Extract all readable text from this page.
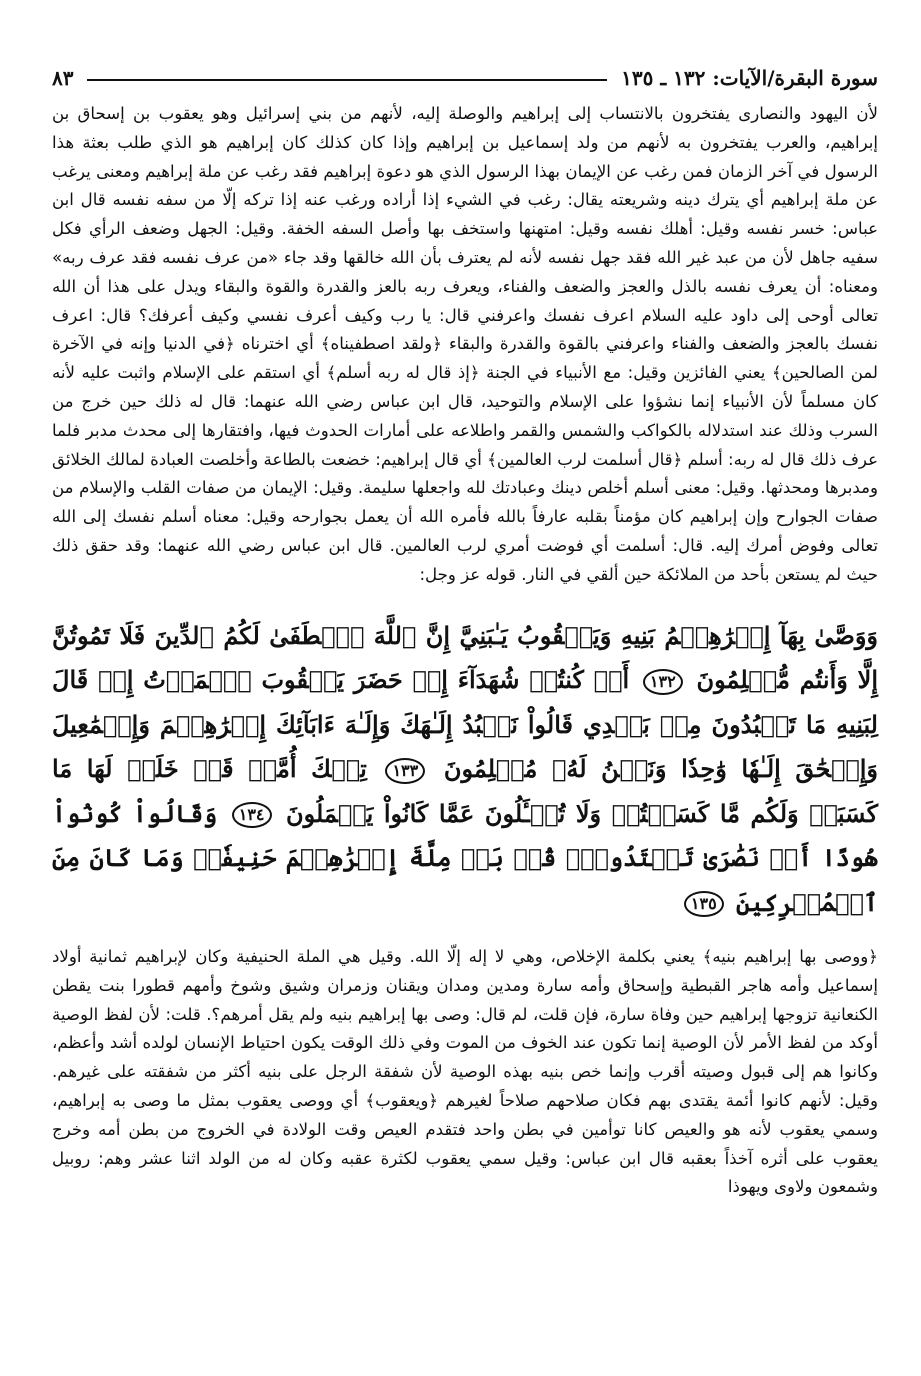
سورة البقرة/الآيات: ١٣٢ ـ ١٣٥
٨٣

لأن اليهود والنصارى يفتخرون بالانتساب إلى إبراهيم والوصلة إليه، لأنهم من بني إسرائيل وهو يعقوب بن إسحاق بن إبراهيم، والعرب يفتخرون به لأنهم من ولد إسماعيل بن إبراهيم وإذا كان كذلك كان إبراهيم هو الذي طلب بعثة هذا الرسول في آخر الزمان فمن رغب عن الإيمان بهذا الرسول الذي هو دعوة إبراهيم فقد رغب عن ملة إبراهيم ومعنى يرغب عن ملة إبراهيم أي يترك دينه وشريعته يقال: رغب في الشيء إذا أراده ورغب عنه إذا تركه إلّا من سفه نفسه قال ابن عباس: خسر نفسه وقيل: أهلك نفسه وقيل: امتهنها واستخف بها وأصل السفه الخفة. وقيل: الجهل وضعف الرأي فكل سفيه جاهل لأن من عبد غير الله فقد جهل نفسه لأنه لم يعترف بأن الله خالقها وقد جاء «من عرف نفسه فقد عرف ربه» ومعناه: أن يعرف نفسه بالذل والعجز والضعف والفناء، ويعرف ربه بالعز والقدرة والقوة والبقاء ويدل على هذا أن الله تعالى أوحى إلى داود عليه السلام اعرف نفسك واعرفني قال: يا رب وكيف أعرف نفسي وكيف أعرفك؟ قال: اعرف نفسك بالعجز والضعف والفناء واعرفني بالقوة والقدرة والبقاء ﴿ولقد اصطفيناه﴾ أي اخترناه ﴿في الدنيا وإنه في الآخرة لمن الصالحين﴾ يعني الفائزين وقيل: مع الأنبياء في الجنة ﴿إذ قال له ربه أسلم﴾ أي استقم على الإسلام واثبت عليه لأنه كان مسلماً لأن الأنبياء إنما نشؤوا على الإسلام والتوحيد، قال ابن عباس رضي الله عنهما: قال له ذلك حين خرج من السرب وذلك عند استدلاله بالكواكب والشمس والقمر واطلاعه على أمارات الحدوث فيها، وافتقارها إلى محدث مدبر فلما عرف ذلك قال له ربه: أسلم ﴿قال أسلمت لرب العالمين﴾ أي قال إبراهيم: خضعت بالطاعة وأخلصت العبادة لمالك الخلائق ومدبرها ومحدثها. وقيل: معنى أسلم أخلص دينك وعبادتك لله واجعلها سليمة. وقيل: الإيمان من صفات القلب والإسلام من صفات الجوارح وإن إبراهيم كان مؤمناً بقلبه عارفاً بالله فأمره الله أن يعمل بجوارحه وقيل: معناه أسلم نفسك إلى الله تعالى وفوض أمرك إليه. قال: أسلمت أي فوضت أمري لرب العالمين. قال ابن عباس رضي الله عنهما: وقد حقق ذلك حيث لم يستعن بأحد من الملائكة حين ألقي في النار. قوله عز وجل:

وَوَصَّىٰ بِهَآ إِبۡرَٰهِـۧمُ بَنِيهِ وَيَعۡقُوبُ يَـٰبَنِيَّ إِنَّ ٱللَّهَ ٱصۡطَفَىٰ لَكُمُ ٱلدِّينَ فَلَا تَمُوتُنَّ إِلَّا وَأَنتُم مُّسۡلِمُونَ ١٣٢ أَمۡ كُنتُمۡ شُهَدَآءَ إِذۡ حَضَرَ يَعۡقُوبَ ٱلۡمَوۡتُ إِذۡ قَالَ لِبَنِيهِ مَا تَعۡبُدُونَ مِنۢ بَعۡدِي قَالُواْ نَعۡبُدُ إِلَـٰهَكَ وَإِلَـٰهَ ءَابَآئِكَ إِبۡرَٰهِـۧمَ وَإِسۡمَٰعِيلَ وَإِسۡحَٰقَ إِلَـٰهٗا وَٰحِدٗا وَنَحۡنُ لَهُۥ مُسۡلِمُونَ ١٣٣ تِلۡكَ أُمَّةٞ قَدۡ خَلَتۡ لَهَا مَا كَسَبَتۡ وَلَكُم مَّا كَسَبۡتُمۡ وَلَا تُسۡـَٔلُونَ عَمَّا كَانُواْ يَعۡمَلُونَ ١٣٤ وَقَالُواْ كُونُواْ هُودًا أَوۡ نَصَٰرَىٰ تَهۡتَدُواْۗ قُلۡ بَلۡ مِلَّةَ إِبۡرَٰهِـۧمَ حَنِيفٗاۖ وَمَا كَانَ مِنَ ٱلۡمُشۡرِكِينَ ١٣٥

﴿ووصى بها إبراهيم بنيه﴾ يعني بكلمة الإخلاص، وهي لا إله إلّا الله. وقيل هي الملة الحنيفية وكان لإبراهيم ثمانية أولاد إسماعيل وأمه هاجر القبطية وإسحاق وأمه سارة ومدين ومدان ويقنان وزمران وشيق وشوخ وأمهم قطورا بنت يقطن الكنعانية تزوجها إبراهيم حين وفاة سارة، فإن قلت، لم قال: وصى بها إبراهيم بنيه ولم يقل أمرهم؟. قلت: لأن لفظ الوصية أوكد من لفظ الأمر لأن الوصية إنما تكون عند الخوف من الموت وفي ذلك الوقت يكون احتياط الإنسان لولده أشد وأعظم، وكانوا هم إلى قبول وصيته أقرب وإنما خص بنيه بهذه الوصية لأن شفقة الرجل على بنيه أكثر من شفقته على غيرهم. وقيل: لأنهم كانوا أئمة يقتدى بهم فكان صلاحهم صلاحاً لغيرهم ﴿ويعقوب﴾ أي ووصى يعقوب بمثل ما وصى به إبراهيم، وسمي يعقوب لأنه هو والعيص كانا توأمين في بطن واحد فتقدم العيص وقت الولادة في الخروج من بطن أمه وخرج يعقوب على أثره آخذاً بعقبه قال ابن عباس: وقيل سمي يعقوب لكثرة عقبه وكان له من الولد اثنا عشر وهم: روبيل وشمعون ولاوى ويهوذا
